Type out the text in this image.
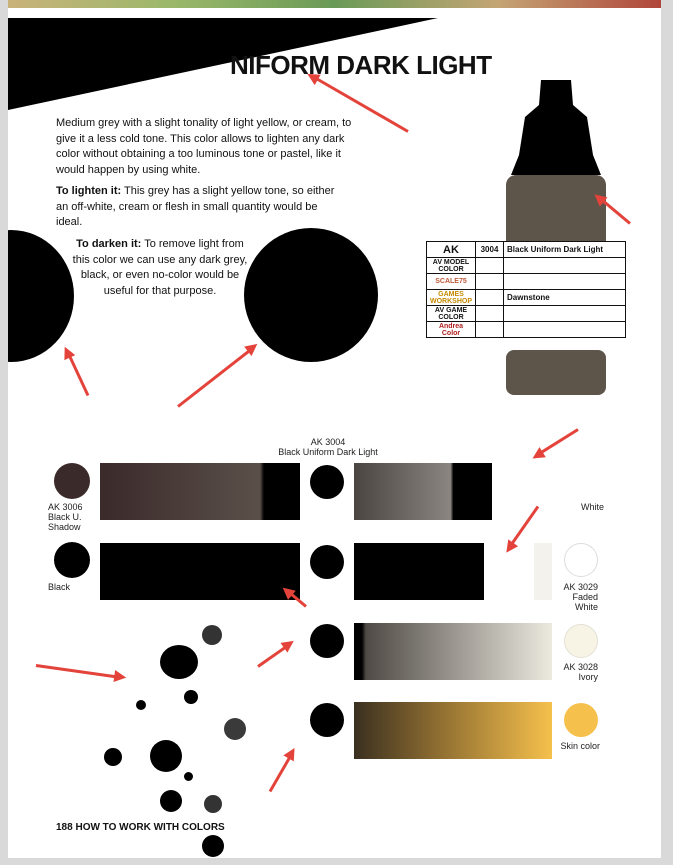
NIFORM DARK LIGHT
Medium grey with a slight tonality of light yellow, or cream, to give it a less cold tone. This color allows to lighten any dark color without obtaining a too luminous tone or pastel, like it would happen by using white.
To lighten it: This grey has a slight yellow tone, so either an off-white, cream or flesh in small quantity would be ideal.
To darken it: To remove light from this color we can use any dark grey, black, or even no-color would be useful for that purpose.
AK	3004	Black Uniform Dark Light
AV MODEL COLOR		
SCALE75		
GAMES WORKSHOP		Dawnstone
AV GAME COLOR		
Andrea Color		
AK 3004
Black Uniform Dark Light
AK 3006
Black U.
Shadow
Black
White
AK 3029
Faded
White
AK 3028
Ivory
Skin color
188 HOW TO WORK WITH COLORS
